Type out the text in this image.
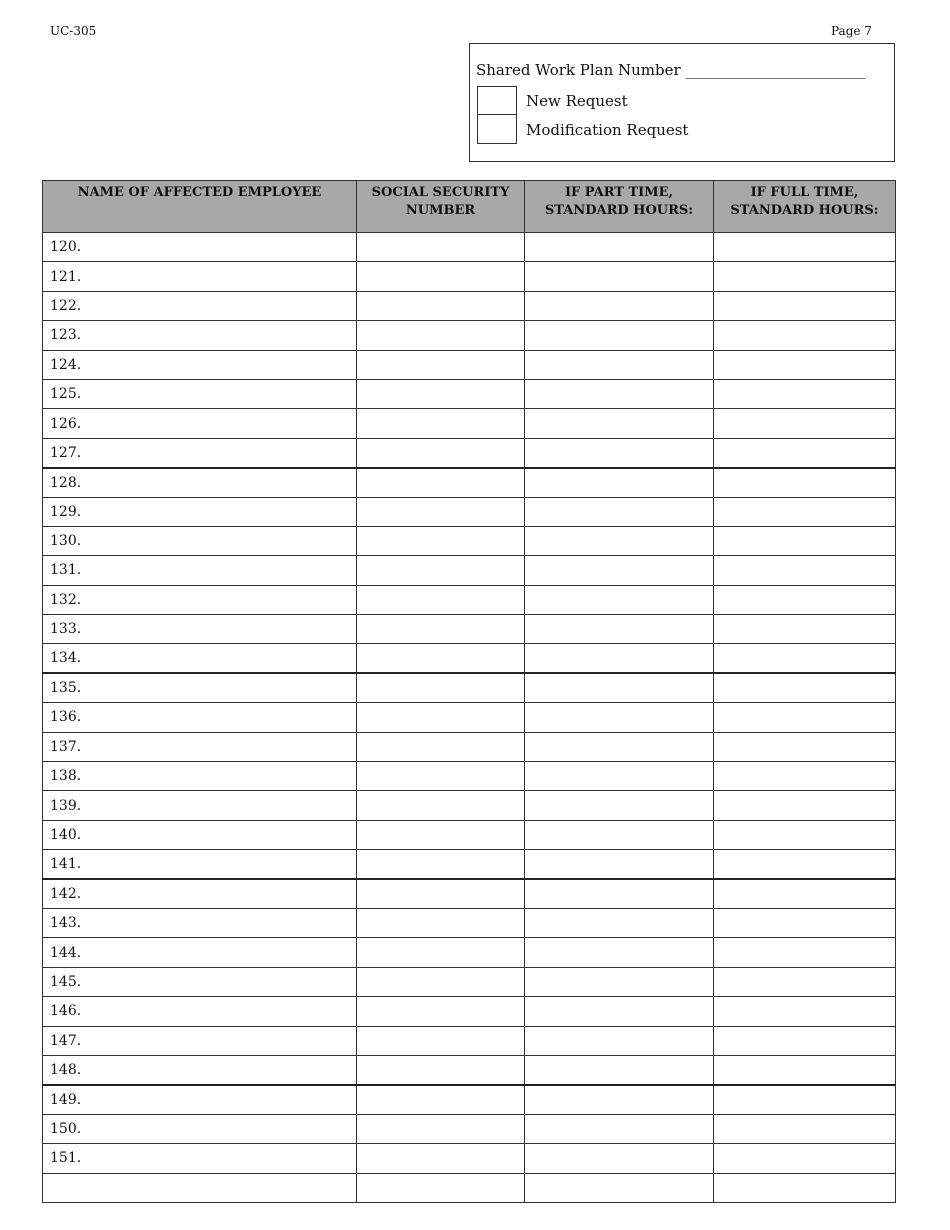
UC-305	Page 7
Shared Work Plan Number ________________________
New Request
Modification Request
NAME OF AFFECTED EMPLOYEE	SOCIAL SECURITY NUMBER	IF PART TIME, STANDARD HOURS:	IF FULL TIME, STANDARD HOURS:
120.			
121.			
122.			
123.			
124.			
125.			
126.			
127.			
128.			
129.			
130.			
131.			
132.			
133.			
134.			
135.			
136.			
137.			
138.			
139.			
140.			
141.			
142.			
143.			
144.			
145.			
146.			
147.			
148.			
149.			
150.			
151.			
